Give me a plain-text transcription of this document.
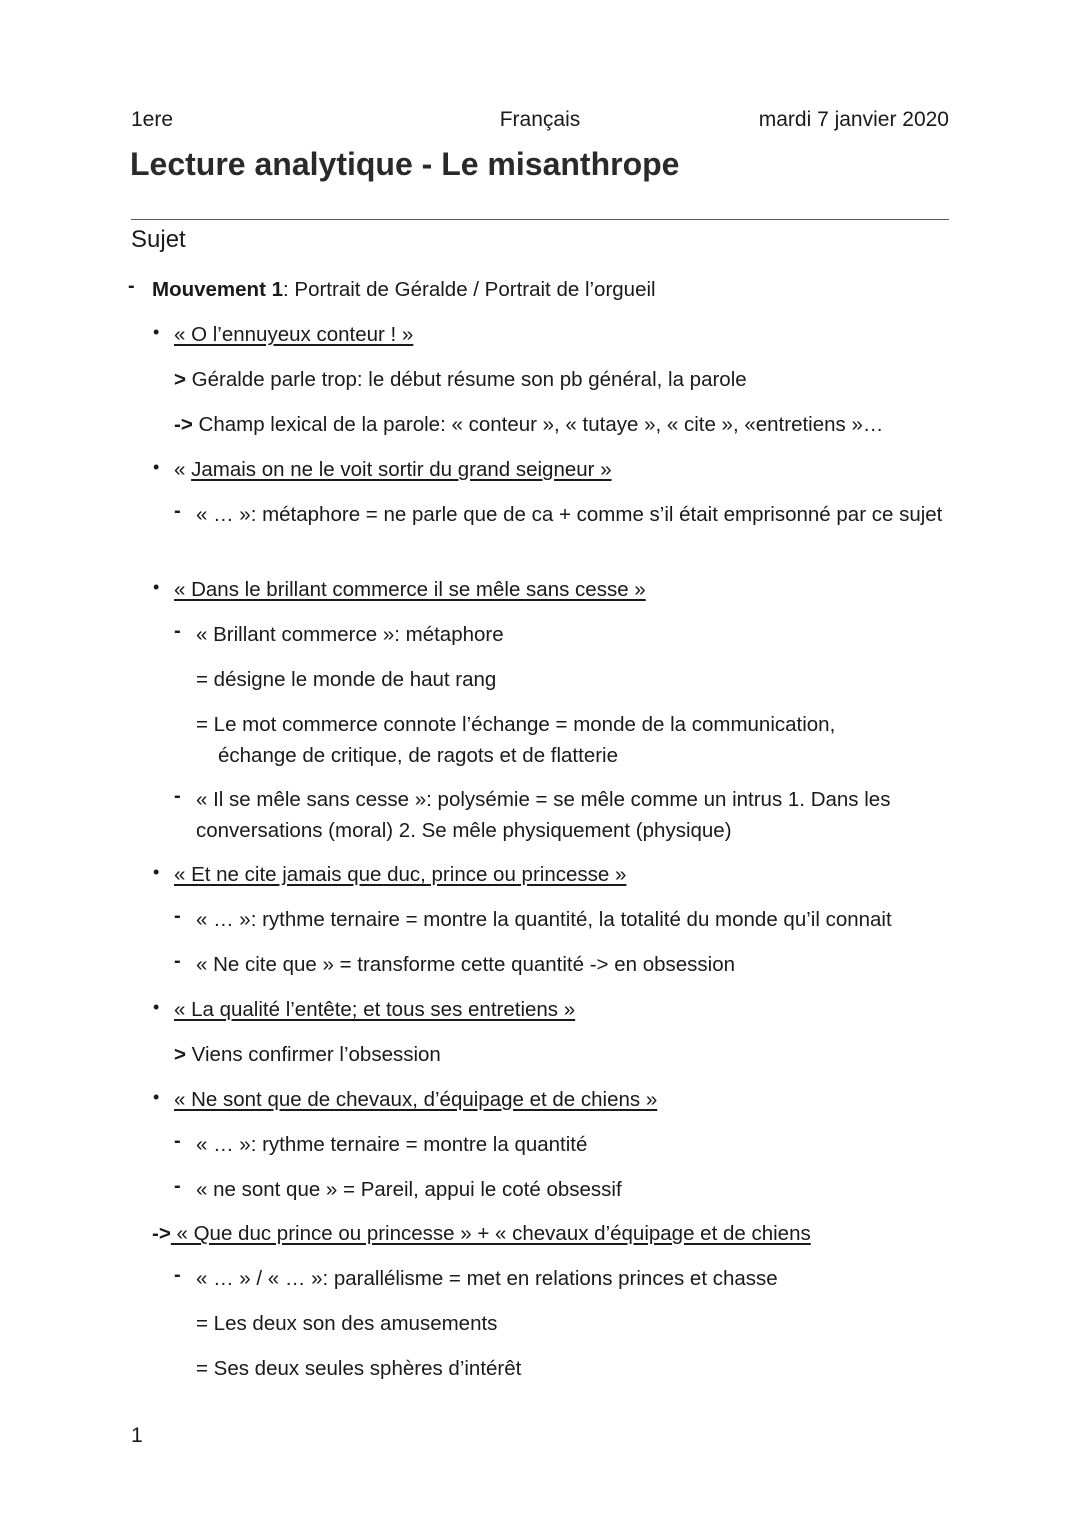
1ere	Français	mardi 7 janvier 2020
Lecture analytique - Le misanthrope
Sujet
- Mouvement 1: Portrait de Géralde / Portrait de l’orgueil
• « O l’ennuyeux conteur ! »
> Géralde parle trop: le début résume son pb général, la parole
-> Champ lexical de la parole: « conteur », « tutaye », « cite », «entretiens »…
• « Jamais on ne le voit sortir du grand seigneur »
- « … »: métaphore = ne parle que de ca + comme s’il était emprisonné par ce sujet
• « Dans le brillant commerce il se mêle sans cesse »
- « Brillant commerce »: métaphore
= désigne le monde de haut rang
= Le mot commerce connote l’échange = monde de la communication,
échange de critique, de ragots et de flatterie
- « Il se mêle sans cesse »: polysémie = se mêle comme un intrus 1. Dans les conversations (moral) 2. Se mêle physiquement (physique)
• « Et ne cite jamais que duc, prince ou princesse »
- « … »: rythme ternaire = montre la quantité, la totalité du monde qu’il connait
- « Ne cite que » = transforme cette quantité -> en obsession
• « La qualité l’entête; et tous ses entretiens »
> Viens confirmer l’obsession
• « Ne sont que de chevaux, d’équipage et de chiens »
- « … »: rythme ternaire = montre la quantité
- « ne sont que » = Pareil, appui le coté obsessif
-> « Que duc prince ou princesse » + « chevaux d’équipage et de chiens
- « … » / « … »: parallélisme = met en relations princes et chasse
= Les deux son des amusements
= Ses deux seules sphères d’intérêt
1
